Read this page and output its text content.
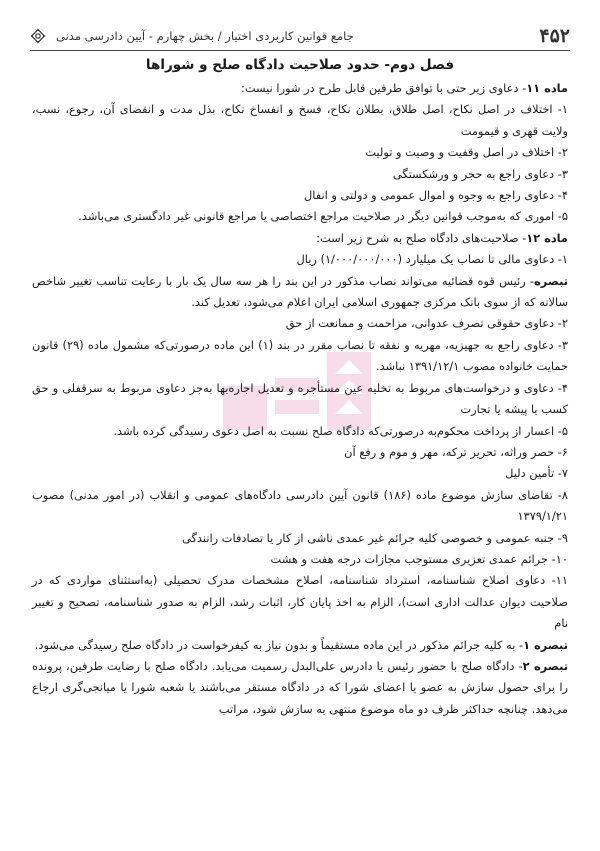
۴۵۲
جامع قوانین کاربردی اختیار / بخش چهارم - آیین دادرسی مدنی
فصل دوم- حدود صلاحیت دادگاه صلح و شوراها

ماده ۱۱- دعاوی زیر حتی با توافق طرفین قابل طرح در شورا نیست:

۱- اختلاف در اصل نکاح، اصل طلاق، بطلان نکاح، فسخ و انفساخ نکاح، بذل مدت و انقضای آن، رجوع، نسب، ولایت قهری و قیمومت

۲- اختلاف در اصل وقفیت و وصیت و تولیت

۳- دعاوی راجع به حجر و ورشکستگی

۴- دعاوی راجع به وجوه و اموال عمومی و دولتی و انفال

۵- اموری که به‌موجب قوانین دیگر در صلاحیت مراجع اختصاصی یا مراجع قانونی غیر دادگستری می‌باشد.

ماده ۱۲- صلاحیت‌های دادگاه صلح به شرح زیر است:

۱- دعاوی مالی تا نصاب یک میلیارد (۱/۰۰۰/۰۰۰/۰۰۰) ریال

تبصره- رئیس قوه قضائیه می‌تواند نصاب مذکور در این بند را هر سه سال یک بار با رعایت تناسب تغییر شاخص سالانه که از سوی بانک مرکزی جمهوری اسلامی ایران اعلام می‌شود، تعدیل کند.

۲- دعاوی حقوقی تصرف عدوانی، مزاحمت و ممانعت از حق

۳- دعاوی راجع به جهیزیه، مهریه و نفقه تا نصاب مقرر در بند (۱) این ماده درصورتی‌که مشمول ماده (۲۹) قانون حمایت خانواده مصوب ۱۳۹۱/۱۲/۱ نباشد.

۴- دعاوی و درخواست‌های مربوط به تخلیه عین مستأجره و تعدیل اجاره‌بها به‌جز دعاوی مربوط به سرقفلی و حق کسب یا پیشه یا تجارت

۵- اعسار از پرداخت محکوم‌به درصورتی‌که دادگاه صلح نسبت به اصل دعوی رسیدگی کرده باشد.

۶- حصر وراثه، تحریر ترکه، مهر و موم و رفع آن

۷- تأمین دلیل

۸- تقاضای سازش موضوع ماده (۱۸۶) قانون آیین دادرسی دادگاه‌های عمومی و انقلاب (در امور مدنی) مصوب ۱۳۷۹/۱/۲۱

۹- جنبه عمومی و خصوصی کلیه جرائم غیر عمدی ناشی از کار یا تصادفات رانندگی

۱۰- جرائم عمدی تعزیری مستوجب مجازات درجه هفت و هشت

۱۱- دعاوی اصلاح شناسنامه، استرداد شناسنامه، اصلاح مشخصات مدرک تحصیلی (به‌استثنای مواردی که در صلاحیت دیوان عدالت اداری است)، الزام به اخذ پایان کار، اثبات رشد، الزام به صدور شناسنامه، تصحیح و تغییر نام

تبصره ۱- به کلیه جرائم مذکور در این ماده مستقیماً و بدون نیاز به کیفرخواست در دادگاه صلح رسیدگی می‌شود.

تبصره ۲- دادگاه صلح با حضور رئیس یا دادرس علی‌البدل رسمیت می‌یابد. دادگاه صلح با رضایت طرفین، پرونده را برای حصول سازش به عضو یا اعضای شورا که در دادگاه مستقر می‌باشند یا شعبه شورا یا میانجی‌گری ارجاع می‌دهد. چنانچه حداکثر ظرف دو ماه موضوع منتهی به سازش شود، مراتب
